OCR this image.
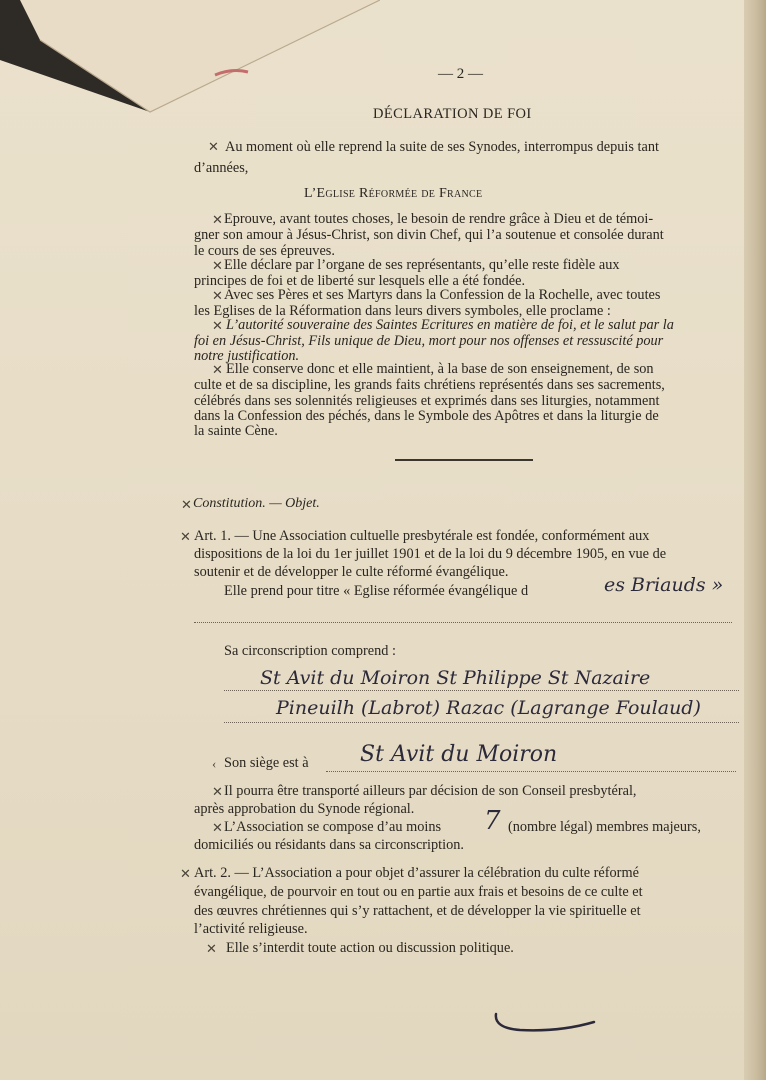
— 2 —
DÉCLARATION DE FOI
✕ Au moment où elle reprend la suite de ses Synodes, interrompus depuis tant
d’années,
L’Eglise Réformée de France
✕ Eprouve, avant toutes choses, le besoin de rendre grâce à Dieu et de témoi-
gner son amour à Jésus-Christ, son divin Chef, qui l’a soutenue et consolée durant
le cours de ses épreuves.
✕ Elle déclare par l’organe de ses représentants, qu’elle reste fidèle aux
principes de foi et de liberté sur lesquels elle a été fondée.
✕ Avec ses Pères et ses Martyrs dans la Confession de la Rochelle, avec toutes
les Eglises de la Réformation dans leurs divers symboles, elle proclame :
✕ L’autorité souveraine des Saintes Ecritures en matière de foi, et le salut par la
foi en Jésus-Christ, Fils unique de Dieu, mort pour nos offenses et ressuscité pour
notre justification.
✕ Elle conserve donc et elle maintient, à la base de son enseignement, de son
culte et de sa discipline, les grands faits chrétiens représentés dans ses sacrements,
célébrés dans ses solennités religieuses et exprimés dans ses liturgies, notamment
dans la Confession des péchés, dans le Symbole des Apôtres et dans la liturgie de
la sainte Cène.
✕ Constitution. — Objet.
✕ Art. 1. — Une Association cultuelle presbytérale est fondée, conformément aux
dispositions de la loi du 1er juillet 1901 et de la loi du 9 décembre 1905, en vue de
soutenir et de développer le culte réformé évangélique.
Elle prend pour titre « Eglise réformée évangélique d	es Briauds »
Sa circonscription comprend :
St Avit du Moiron St Philippe St Nazaire
Pineuilh (Labrot) Razac (Lagrange Foulaud)
‹ Son siège est à St Avit du Moiron
✕ Il pourra être transporté ailleurs par décision de son Conseil presbytéral,
après approbation du Synode régional.
✕ L’Association se compose d’au moins 7 (nombre légal) membres majeurs,
domiciliés ou résidants dans sa circonscription.
✕ Art. 2. — L’Association a pour objet d’assurer la célébration du culte réformé
évangélique, de pourvoir en tout ou en partie aux frais et besoins de ce culte et
des œuvres chrétiennes qui s’y rattachent, et de développer la vie spirituelle et
l’activité religieuse.
✕ Elle s’interdit toute action ou discussion politique.
